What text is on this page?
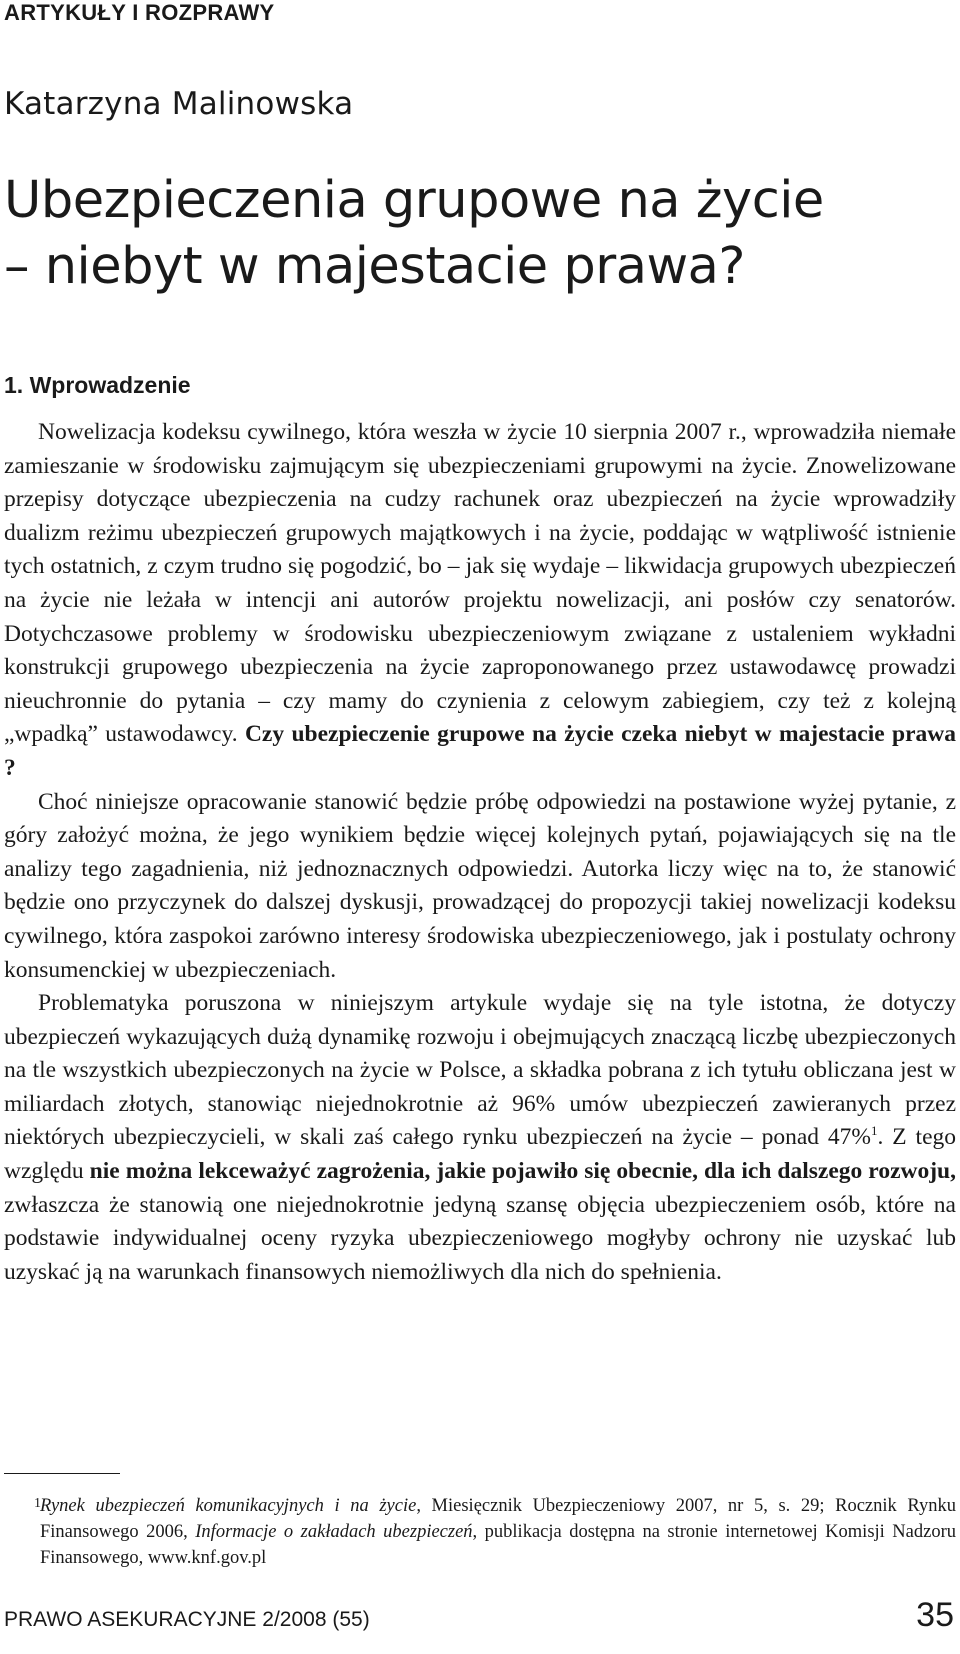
ARTYKUŁY I ROZPRAWY
Katarzyna Malinowska
Ubezpieczenia grupowe na życie
– niebyt w majestacie prawa?
1. Wprowadzenie

Nowelizacja kodeksu cywilnego, która weszła w życie 10 sierpnia 2007 r., wprowadziła niemałe zamieszanie w środowisku zajmującym się ubezpieczeniami grupowymi na życie. Znowelizowane przepisy dotyczące ubezpieczenia na cudzy rachunek oraz ubezpieczeń na życie wprowadziły dualizm reżimu ubezpieczeń grupowych majątkowych i na życie, poddając w wątpliwość istnienie tych ostatnich, z czym trudno się pogodzić, bo – jak się wydaje – likwidacja grupowych ubezpieczeń na życie nie leżała w intencji ani autorów projektu nowelizacji, ani posłów czy senatorów. Dotychczasowe problemy w środowisku ubezpieczeniowym związane z ustaleniem wykładni konstrukcji grupowego ubezpieczenia na życie zaproponowanego przez ustawodawcę prowadzi nieuchronnie do pytania – czy mamy do czynienia z celowym zabiegiem, czy też z kolejną „wpadką” ustawodawcy. Czy ubezpieczenie grupowe na życie czeka niebyt w majestacie prawa ?

Choć niniejsze opracowanie stanowić będzie próbę odpowiedzi na postawione wyżej pytanie, z góry założyć można, że jego wynikiem będzie więcej kolejnych pytań, pojawiających się na tle analizy tego zagadnienia, niż jednoznacznych odpowiedzi. Autorka liczy więc na to, że stanowić będzie ono przyczynek do dalszej dyskusji, prowadzącej do propozycji takiej nowelizacji kodeksu cywilnego, która zaspokoi zarówno interesy środowiska ubezpieczeniowego, jak i postulaty ochrony konsumenckiej w ubezpieczeniach.

Problematyka poruszona w niniejszym artykule wydaje się na tyle istotna, że dotyczy ubezpieczeń wykazujących dużą dynamikę rozwoju i obejmujących znaczącą liczbę ubezpieczonych na tle wszystkich ubezpieczonych na życie w Polsce, a składka pobrana z ich tytułu obliczana jest w miliardach złotych, stanowiąc niejednokrotnie aż 96% umów ubezpieczeń zawieranych przez niektórych ubezpieczycieli, w skali zaś całego rynku ubezpieczeń na życie – ponad 47%$^1$. Z tego względu nie można lekceważyć zagrożenia, jakie pojawiło się obecnie, dla ich dalszego rozwoju, zwłaszcza że stanowią one niejednokrotnie jedyną szansę objęcia ubezpieczeniem osób, które na podstawie indywidualnej oceny ryzyka ubezpieczeniowego mogłyby ochrony nie uzyskać lub uzyskać ją na warunkach finansowych niemożliwych dla nich do spełnienia.

1 Rynek ubezpieczeń komunikacyjnych i na życie, Miesięcznik Ubezpieczeniowy 2007, nr 5, s. 29; Rocznik Rynku Finansowego 2006, Informacje o zakładach ubezpieczeń, publikacja dostępna na stronie internetowej Komisji Nadzoru Finansowego, www.knf.gov.pl

PRAWO ASEKURACYJNE 2/2008 (55)	35
